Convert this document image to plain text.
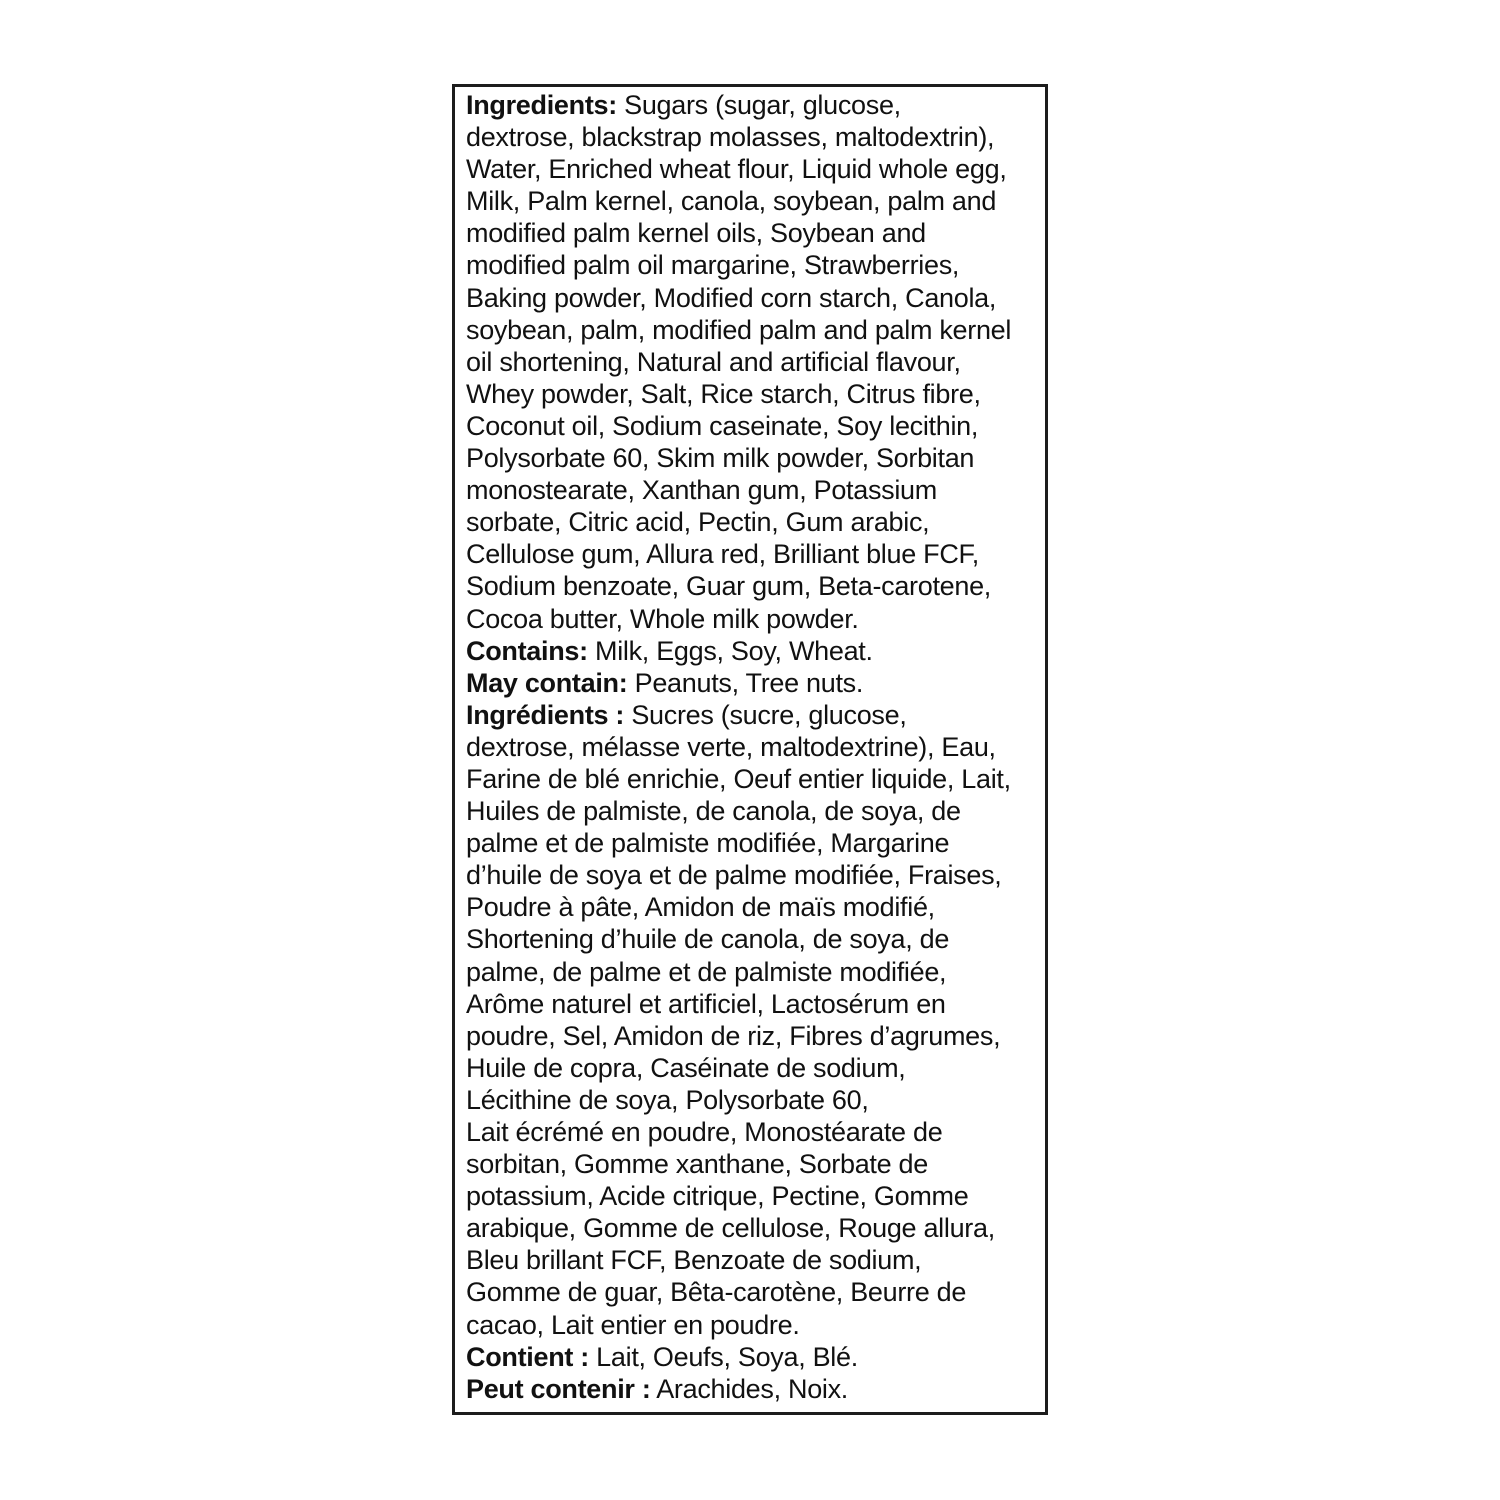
Ingredients: Sugars (sugar, glucose,
dextrose, blackstrap molasses, maltodextrin),
Water, Enriched wheat flour, Liquid whole egg,
Milk, Palm kernel, canola, soybean, palm and
modified palm kernel oils, Soybean and
modified palm oil margarine, Strawberries,
Baking powder, Modified corn starch, Canola,
soybean, palm, modified palm and palm kernel
oil shortening, Natural and artificial flavour,
Whey powder, Salt, Rice starch, Citrus fibre,
Coconut oil, Sodium caseinate, Soy lecithin,
Polysorbate 60, Skim milk powder, Sorbitan
monostearate, Xanthan gum, Potassium
sorbate, Citric acid, Pectin, Gum arabic,
Cellulose gum, Allura red, Brilliant blue FCF,
Sodium benzoate, Guar gum, Beta-carotene,
Cocoa butter, Whole milk powder.
Contains: Milk, Eggs, Soy, Wheat.
May contain: Peanuts, Tree nuts.
Ingrédients : Sucres (sucre, glucose,
dextrose, mélasse verte, maltodextrine), Eau,
Farine de blé enrichie, Oeuf entier liquide, Lait,
Huiles de palmiste, de canola, de soya, de
palme et de palmiste modifiée, Margarine
d’huile de soya et de palme modifiée, Fraises,
Poudre à pâte, Amidon de maïs modifié,
Shortening d’huile de canola, de soya, de
palme, de palme et de palmiste modifiée,
Arôme naturel et artificiel, Lactosérum en
poudre, Sel, Amidon de riz, Fibres d’agrumes,
Huile de copra, Caséinate de sodium,
Lécithine de soya, Polysorbate 60,
Lait écrémé en poudre, Monostéarate de
sorbitan, Gomme xanthane, Sorbate de
potassium, Acide citrique, Pectine, Gomme
arabique, Gomme de cellulose, Rouge allura,
Bleu brillant FCF, Benzoate de sodium,
Gomme de guar, Bêta-carotène, Beurre de
cacao, Lait entier en poudre.
Contient : Lait, Oeufs, Soya, Blé.
Peut contenir : Arachides, Noix.
